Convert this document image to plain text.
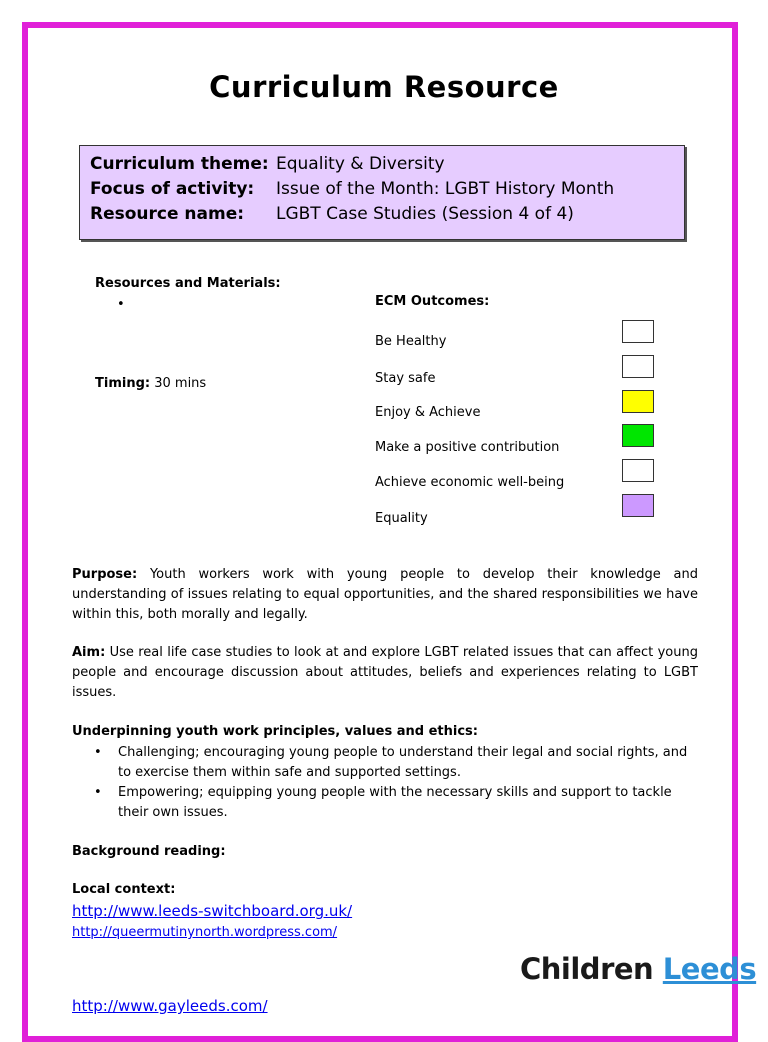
Curriculum Resource
Curriculum theme: Equality & Diversity
Focus of activity: Issue of the Month: LGBT History Month
Resource name: LGBT Case Studies (Session 4 of 4)
Resources and Materials:
•
Timing: 30 mins
ECM Outcomes:
Be Healthy
Stay safe
Enjoy & Achieve
Make a positive contribution
Achieve economic well-being
Equality
Purpose: Youth workers work with young people to develop their knowledge and understanding of issues relating to equal opportunities, and the shared responsibilities we have within this, both morally and legally.
Aim: Use real life case studies to look at and explore LGBT related issues that can affect young people and encourage discussion about attitudes, beliefs and experiences relating to LGBT issues.
Underpinning youth work principles, values and ethics:
• Challenging; encouraging young people to understand their legal and social rights, and to exercise them within safe and supported settings.
• Empowering; equipping young people with the necessary skills and support to tackle their own issues.
Background reading:
Local context:
http://www.leeds-switchboard.org.uk/
http://queermutinynorth.wordpress.com/
Children Leeds
http://www.gayleeds.com/
